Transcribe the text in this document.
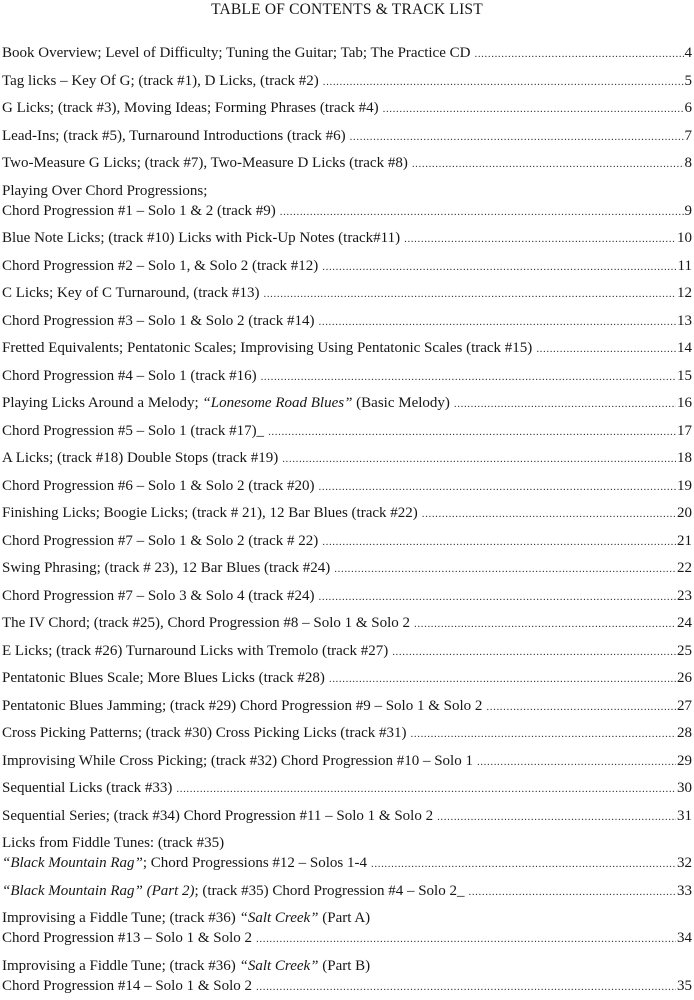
TABLE OF CONTENTS & TRACK LIST
Book Overview; Level of Difficulty; Tuning the Guitar; Tab; The Practice CD .....	4
Tag licks – Key Of G; (track #1), D Licks, (track #2) .....	5
G Licks; (track #3), Moving Ideas; Forming Phrases (track #4) .....	6
Lead-Ins; (track #5), Turnaround Introductions (track #6) .....	7
Two-Measure G Licks; (track #7), Two-Measure D Licks (track #8) .....	8
Playing Over Chord Progressions;
Chord Progression #1 – Solo 1 & 2 (track #9) .....	9
Blue Note Licks; (track #10) Licks with Pick-Up Notes (track#11) .....	10
Chord Progression #2 – Solo 1, & Solo 2 (track #12) .....	11
C Licks; Key of C Turnaround, (track #13) .....	12
Chord Progression #3 – Solo 1 & Solo 2 (track #14) .....	13
Fretted Equivalents; Pentatonic Scales; Improvising Using Pentatonic Scales (track #15) .....	14
Chord Progression #4 – Solo 1 (track #16) .....	15
Playing Licks Around a Melody; “Lonesome Road Blues” (Basic Melody) .....	16
Chord Progression #5 – Solo 1 (track #17)_ .....	17
A Licks; (track #18) Double Stops (track #19) .....	18
Chord Progression #6 – Solo 1 & Solo 2 (track #20) .....	19
Finishing Licks; Boogie Licks; (track # 21), 12 Bar Blues (track #22) .....	20
Chord Progression #7 – Solo 1 & Solo 2 (track # 22) .....	21
Swing Phrasing; (track # 23), 12 Bar Blues (track #24) .....	22
Chord Progression #7 – Solo 3 & Solo 4 (track #24) .....	23
The IV Chord; (track #25), Chord Progression #8 – Solo 1 & Solo 2 .....	24
E Licks; (track #26) Turnaround Licks with Tremolo (track #27) .....	25
Pentatonic Blues Scale; More Blues Licks (track #28) .....	26
Pentatonic Blues Jamming; (track #29) Chord Progression #9 – Solo 1 & Solo 2 .....	27
Cross Picking Patterns; (track #30) Cross Picking Licks (track #31) .....	28
Improvising While Cross Picking; (track #32) Chord Progression #10 – Solo 1 .....	29
Sequential Licks (track #33) .....	30
Sequential Series; (track #34) Chord Progression #11 – Solo 1 & Solo 2 .....	31
Licks from Fiddle Tunes: (track #35)
“Black Mountain Rag”; Chord Progressions #12 – Solos 1-4 .....	32
“Black Mountain Rag” (Part 2); (track #35) Chord Progression #4 – Solo 2_ .....	33
Improvising a Fiddle Tune; (track #36) “Salt Creek” (Part A)
Chord Progression #13 – Solo 1 & Solo 2 .....	34
Improvising a Fiddle Tune; (track #36) “Salt Creek” (Part B)
Chord Progression #14 – Solo 1 & Solo 2 .....	35
